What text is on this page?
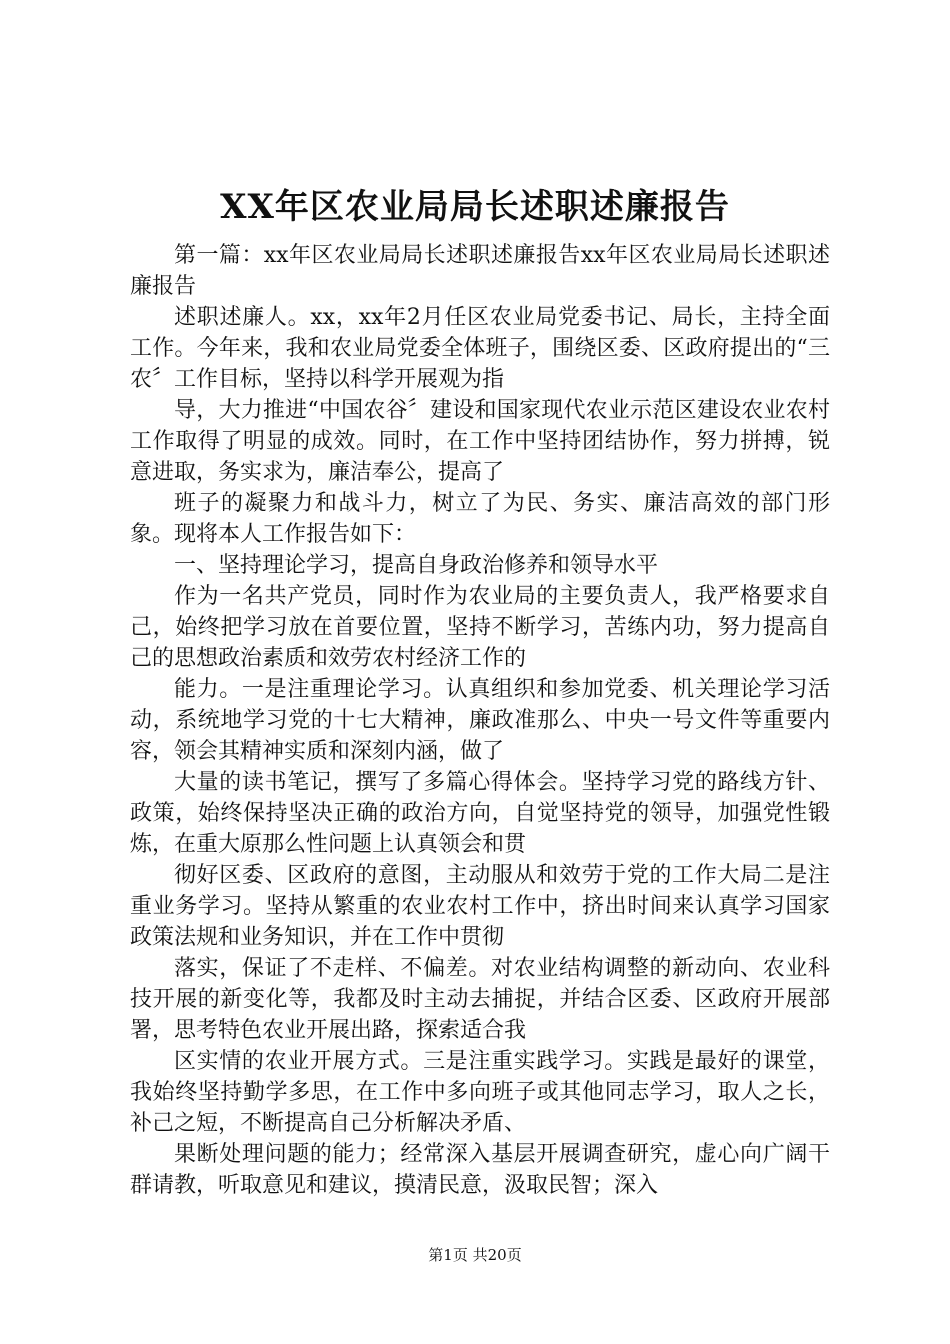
XX年区农业局局长述职述廉报告

第一篇：xx年区农业局局长述职述廉报告xx年区农业局局长述职述廉报告

述职述廉人。xx，xx年2月任区农业局党委书记、局长，主持全面工作。今年来，我和农业局党委全体班子，围绕区委、区政府提出的“三农〞工作目标，坚持以科学开展观为指

导，大力推进“中国农谷〞建设和国家现代农业示范区建设农业农村工作取得了明显的成效。同时，在工作中坚持团结协作，努力拼搏，锐意进取，务实求为，廉洁奉公，提高了

班子的凝聚力和战斗力，树立了为民、务实、廉洁高效的部门形象。现将本人工作报告如下：

一、坚持理论学习，提高自身政治修养和领导水平

作为一名共产党员，同时作为农业局的主要负责人，我严格要求自己，始终把学习放在首要位置，坚持不断学习，苦练内功，努力提高自己的思想政治素质和效劳农村经济工作的

能力。一是注重理论学习。认真组织和参加党委、机关理论学习活动，系统地学习党的十七大精神，廉政准那么、中央一号文件等重要内容，领会其精神实质和深刻内涵，做了

大量的读书笔记，撰写了多篇心得体会。坚持学习党的路线方针、政策，始终保持坚决正确的政治方向，自觉坚持党的领导，加强党性锻炼，在重大原那么性问题上认真领会和贯

彻好区委、区政府的意图，主动服从和效劳于党的工作大局二是注重业务学习。坚持从繁重的农业农村工作中，挤出时间来认真学习国家政策法规和业务知识，并在工作中贯彻

落实，保证了不走样、不偏差。对农业结构调整的新动向、农业科技开展的新变化等，我都及时主动去捕捉，并结合区委、区政府开展部署，思考特色农业开展出路，探索适合我

区实情的农业开展方式。三是注重实践学习。实践是最好的课堂，我始终坚持勤学多思，在工作中多向班子或其他同志学习，取人之长，补己之短，不断提高自己分析解决矛盾、

果断处理问题的能力；经常深入基层开展调查研究，虚心向广阔干群请教，听取意见和建议，摸清民意，汲取民智；深入

第1页 共20页
